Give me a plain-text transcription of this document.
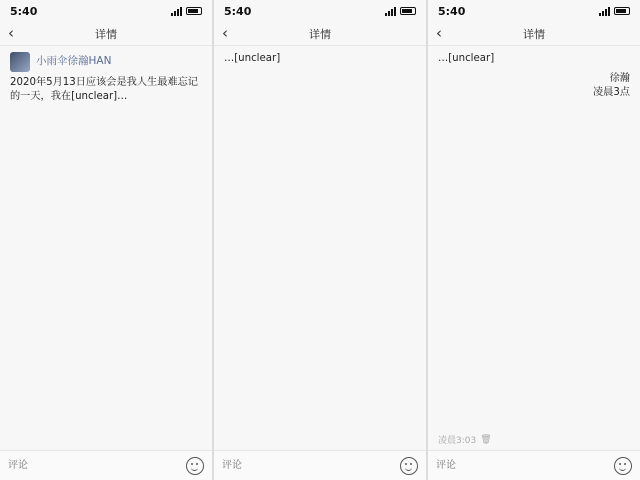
5:40
‹	详情
小雨伞徐瀚HAN
2020年5月13日应该会是我人生最难忘记的一天，我在[unclear]…
评论
5:40
‹	详情
…[unclear]
评论
5:40
‹	详情
…[unclear]
徐瀚
凌晨3点
凌晨3:03 🗑
评论
